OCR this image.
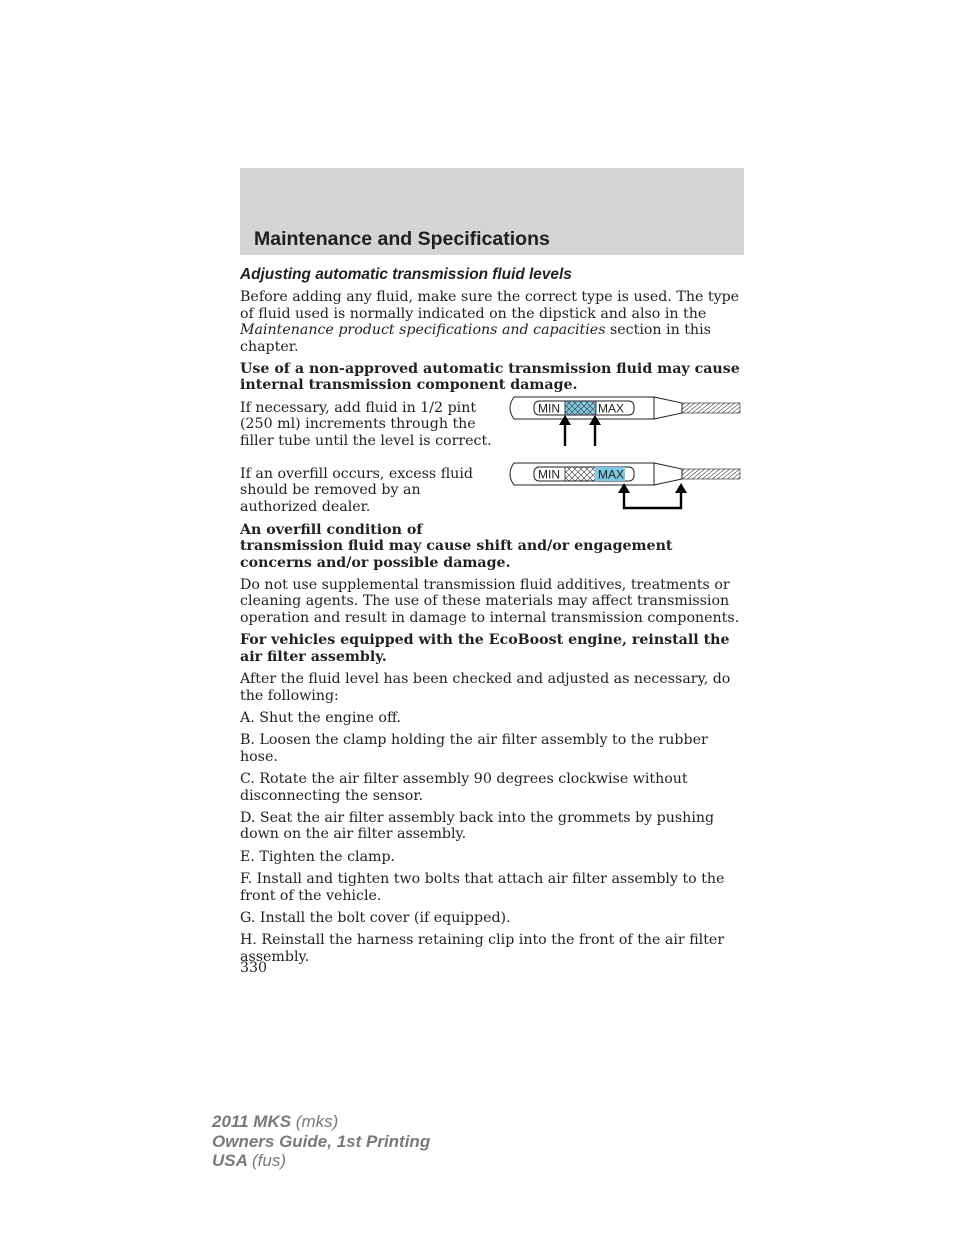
Maintenance and Specifications
Adjusting automatic transmission fluid levels

Before adding any fluid, make sure the correct type is used. The type of fluid used is normally indicated on the dipstick and also in the Maintenance product specifications and capacities section in this chapter.

Use of a non-approved automatic transmission fluid may cause internal transmission component damage.

If necessary, add fluid in 1/2 pint (250 ml) increments through the filler tube until the level is correct.
MIN	MAX
If an overfill occurs, excess fluid should be removed by an authorized dealer.
MIN	MAX

An overfill condition of
transmission fluid may cause shift and/or engagement concerns and/or possible damage.

Do not use supplemental transmission fluid additives, treatments or cleaning agents. The use of these materials may affect transmission operation and result in damage to internal transmission components.

For vehicles equipped with the EcoBoost engine, reinstall the air filter assembly.

After the fluid level has been checked and adjusted as necessary, do the following:

A. Shut the engine off.

B. Loosen the clamp holding the air filter assembly to the rubber hose.

C. Rotate the air filter assembly 90 degrees clockwise without disconnecting the sensor.

D. Seat the air filter assembly back into the grommets by pushing down on the air filter assembly.

E. Tighten the clamp.

F. Install and tighten two bolts that attach air filter assembly to the front of the vehicle.

G. Install the bolt cover (if equipped).

H. Reinstall the harness retaining clip into the front of the air filter assembly.

330
2011 MKS (mks)
Owners Guide, 1st Printing
USA (fus)
